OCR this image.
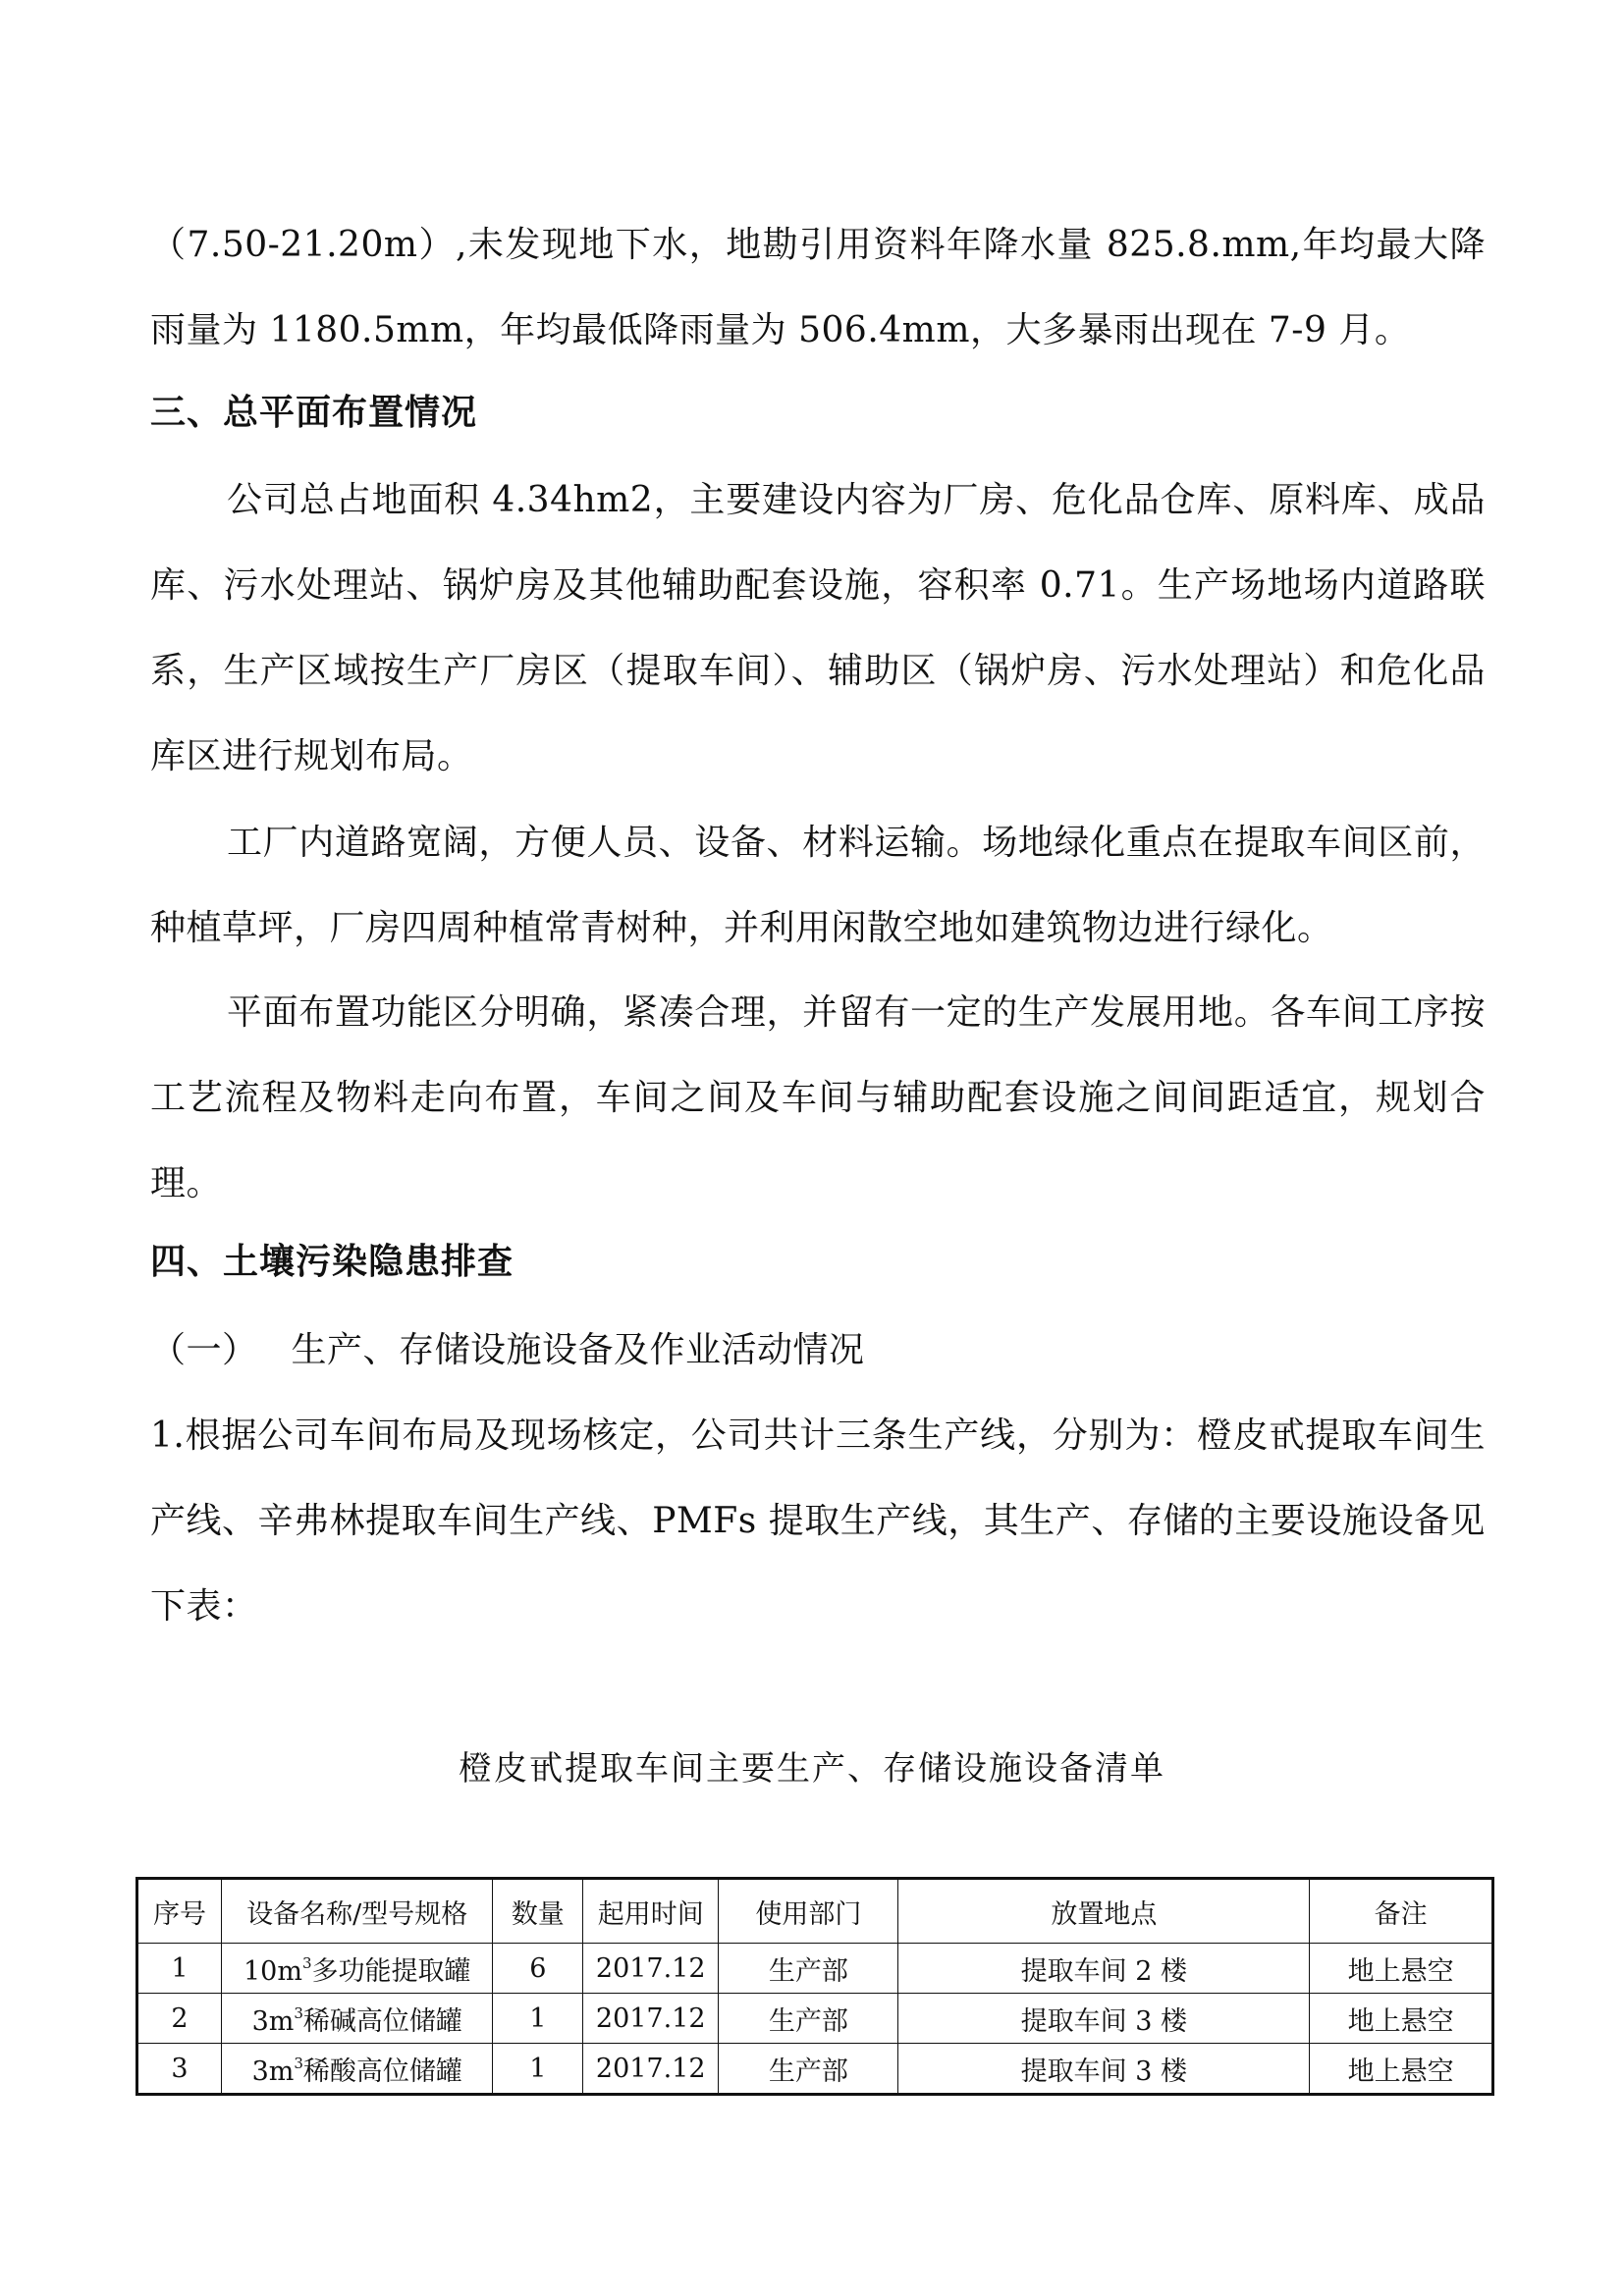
（7.50-21.20m）,未发现地下水，地勘引用资料年降水量 825.8.mm,年均最大降雨量为 1180.5mm，年均最低降雨量为 506.4mm，大多暴雨出现在 7-9 月。

三、总平面布置情况

公司总占地面积 4.34hm2，主要建设内容为厂房、危化品仓库、原料库、成品库、污水处理站、锅炉房及其他辅助配套设施，容积率 0.71。生产场地场内道路联系，生产区域按生产厂房区（提取车间）、辅助区（锅炉房、污水处理站）和危化品库区进行规划布局。

工厂内道路宽阔，方便人员、设备、材料运输。场地绿化重点在提取车间区前，种植草坪，厂房四周种植常青树种，并利用闲散空地如建筑物边进行绿化。

平面布置功能区分明确，紧凑合理，并留有一定的生产发展用地。各车间工序按工艺流程及物料走向布置，车间之间及车间与辅助配套设施之间间距适宜，规划合理。

四、土壤污染隐患排查

（一） 生产、存储设施设备及作业活动情况

1.根据公司车间布局及现场核定，公司共计三条生产线，分别为：橙皮甙提取车间生产线、辛弗林提取车间生产线、PMFs 提取生产线，其生产、存储的主要设施设备见下表：

橙皮甙提取车间主要生产、存储设施设备清单

序号	设备名称/型号规格	数量	起用时间	使用部门	放置地点	备注
1	$10m^3$多功能提取罐	6	2017.12	生产部	提取车间 2 楼	地上悬空
2	$3m^3$稀碱高位储罐	1	2017.12	生产部	提取车间 3 楼	地上悬空
3	$3m^3$稀酸高位储罐	1	2017.12	生产部	提取车间 3 楼	地上悬空
